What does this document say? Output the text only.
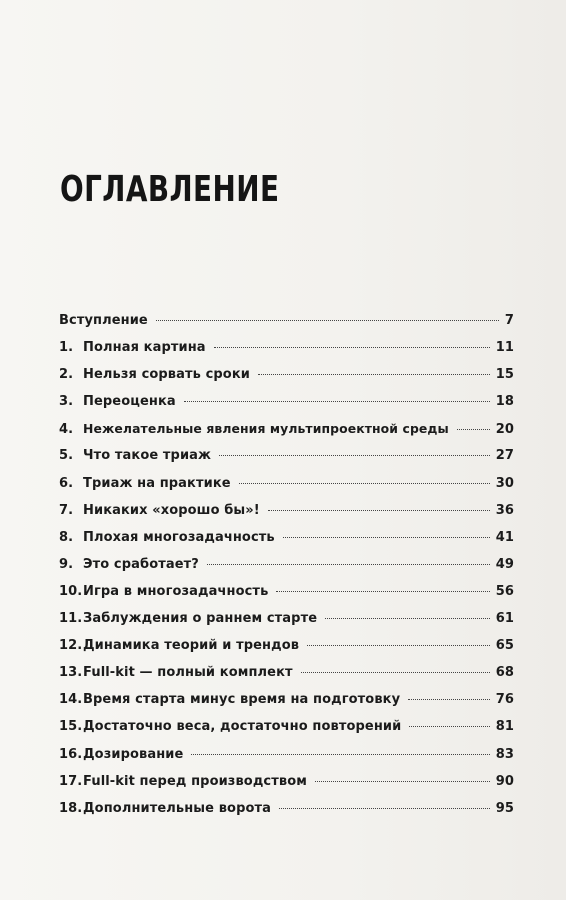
ОГЛАВЛЕНИЕ
Вступление	7
1. Полная картина	11
2. Нельзя сорвать сроки	15
3. Переоценка	18
4. Нежелательные явления мультипроектной среды	20
5. Что такое триаж	27
6. Триаж на практике	30
7. Никаких «хорошо бы»!	36
8. Плохая многозадачность	41
9. Это сработает?	49
10. Игра в многозадачность	56
11. Заблуждения о раннем старте	61
12. Динамика теорий и трендов	65
13. Full-kit — полный комплект	68
14. Время старта минус время на подготовку	76
15. Достаточно веса, достаточно повторений	81
16. Дозирование	83
17. Full-kit перед производством	90
18. Дополнительные ворота	95
